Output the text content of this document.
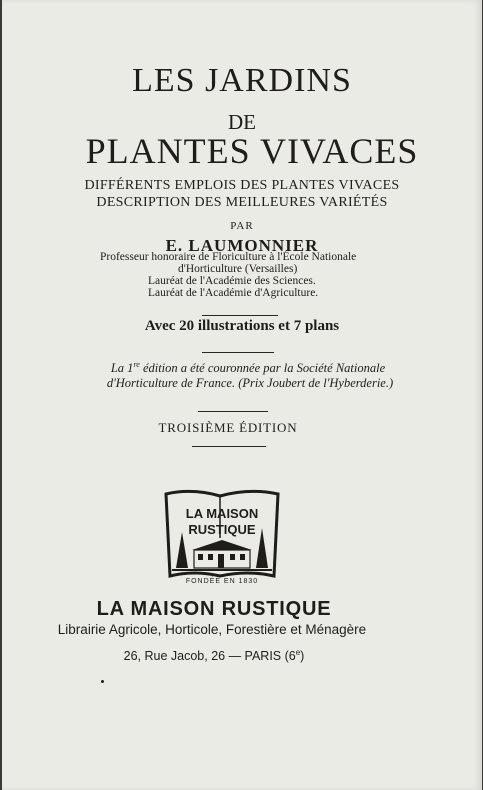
LES JARDINS
DE
PLANTES VIVACES
DIFFÉRENTS EMPLOIS DES PLANTES VIVACES
DESCRIPTION DES MEILLEURES VARIÉTÉS
PAR
E. LAUMONNIER
Professeur honoraire de Floriculture à l'École Nationale
d'Horticulture (Versailles)
Lauréat de l'Académie des Sciences.
Lauréat de l'Académie d'Agriculture.
Avec 20 illustrations et 7 plans
La 1re édition a été couronnée par la Société Nationale
d'Horticulture de France. (Prix Joubert de l'Hyberderie.)
TROISIÈME ÉDITION
LA MAISON
RUSTIQUE
FONDÉE EN 1830
LA MAISON RUSTIQUE
Librairie Agricole, Horticole, Forestière et Ménagère
26, Rue Jacob, 26 — PARIS (6e)
